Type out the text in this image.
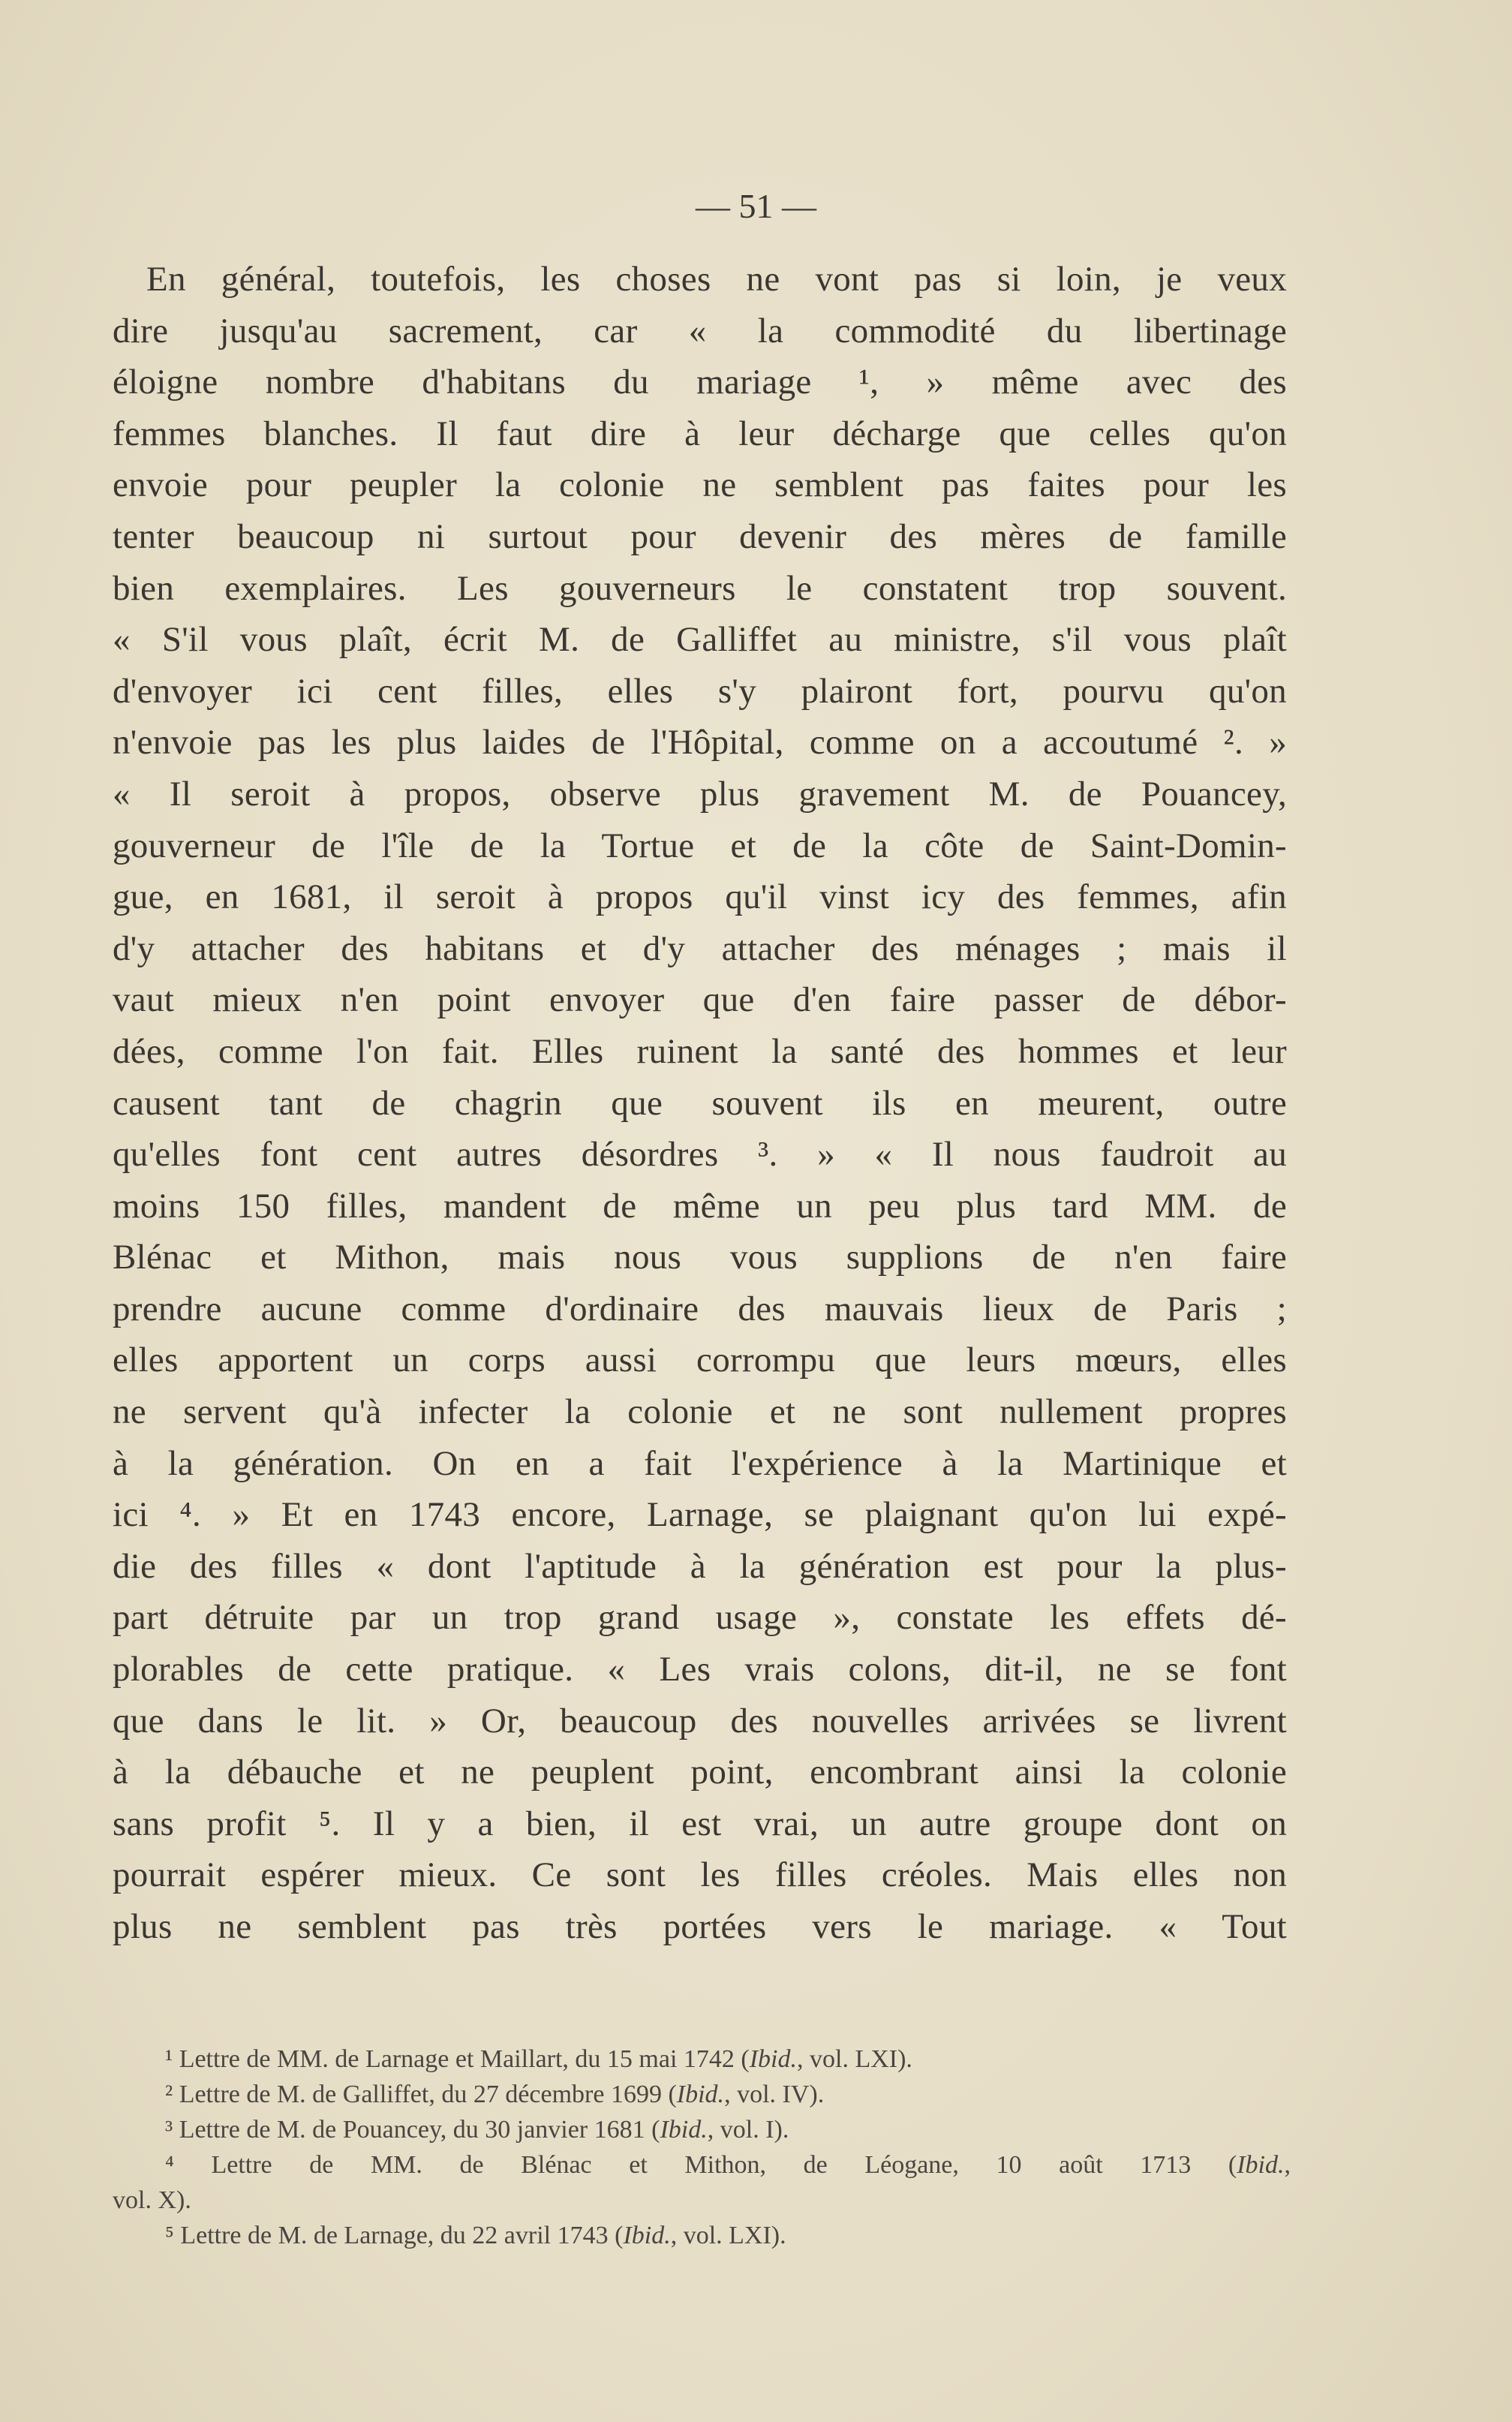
— 51 —
En général, toutefois, les choses ne vont pas si loin, je veux
dire jusqu'au sacrement, car « la commodité du libertinage
éloigne nombre d'habitans du mariage ¹, » même avec des
femmes blanches. Il faut dire à leur décharge que celles qu'on
envoie pour peupler la colonie ne semblent pas faites pour les
tenter beaucoup ni surtout pour devenir des mères de famille
bien exemplaires. Les gouverneurs le constatent trop souvent.
« S'il vous plaît, écrit M. de Galliffet au ministre, s'il vous plaît
d'envoyer ici cent filles, elles s'y plairont fort, pourvu qu'on
n'envoie pas les plus laides de l'Hôpital, comme on a accoutumé ². »
« Il seroit à propos, observe plus gravement M. de Pouancey,
gouverneur de l'île de la Tortue et de la côte de Saint-Domin-
gue, en 1681, il seroit à propos qu'il vinst icy des femmes, afin
d'y attacher des habitans et d'y attacher des ménages ; mais il
vaut mieux n'en point envoyer que d'en faire passer de débor-
dées, comme l'on fait. Elles ruinent la santé des hommes et leur
causent tant de chagrin que souvent ils en meurent, outre
qu'elles font cent autres désordres ³. » « Il nous faudroit au
moins 150 filles, mandent de même un peu plus tard MM. de
Blénac et Mithon, mais nous vous supplions de n'en faire
prendre aucune comme d'ordinaire des mauvais lieux de Paris ;
elles apportent un corps aussi corrompu que leurs mœurs, elles
ne servent qu'à infecter la colonie et ne sont nullement propres
à la génération. On en a fait l'expérience à la Martinique et
ici ⁴. » Et en 1743 encore, Larnage, se plaignant qu'on lui expé-
die des filles « dont l'aptitude à la génération est pour la plus-
part détruite par un trop grand usage », constate les effets dé-
plorables de cette pratique. « Les vrais colons, dit-il, ne se font
que dans le lit. » Or, beaucoup des nouvelles arrivées se livrent
à la débauche et ne peuplent point, encombrant ainsi la colonie
sans profit ⁵. Il y a bien, il est vrai, un autre groupe dont on
pourrait espérer mieux. Ce sont les filles créoles. Mais elles non
plus ne semblent pas très portées vers le mariage. « Tout
¹ Lettre de MM. de Larnage et Maillart, du 15 mai 1742 (Ibid., vol. LXI).
² Lettre de M. de Galliffet, du 27 décembre 1699 (Ibid., vol. IV).
³ Lettre de M. de Pouancey, du 30 janvier 1681 (Ibid., vol. I).
⁴ Lettre de MM. de Blénac et Mithon, de Léogane, 10 août 1713 (Ibid.,
vol. X).
⁵ Lettre de M. de Larnage, du 22 avril 1743 (Ibid., vol. LXI).
